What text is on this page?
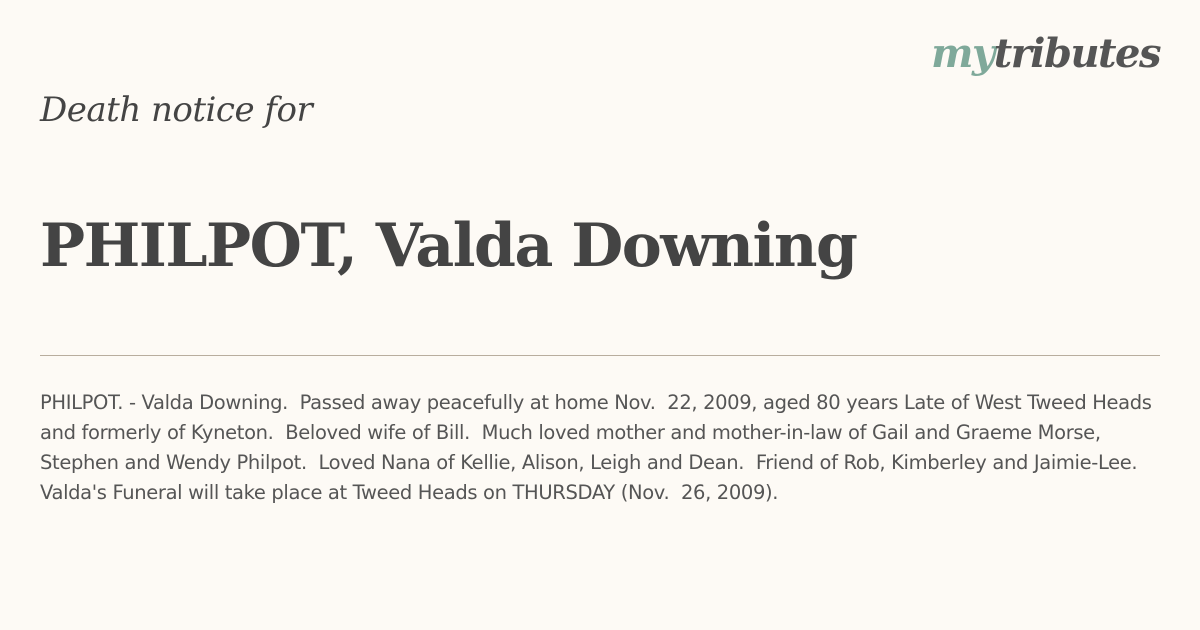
mytributes
Death notice for
PHILPOT, Valda Downing
PHILPOT. - Valda Downing.  Passed away peacefully at home Nov.  22, 2009, aged 80 years Late of West Tweed Heads and formerly of Kyneton.  Beloved wife of Bill.  Much loved mother and mother-in-law of Gail and Graeme Morse, Stephen and Wendy Philpot.  Loved Nana of Kellie, Alison, Leigh and Dean.  Friend of Rob, Kimberley and Jaimie-Lee.  Valda's Funeral will take place at Tweed Heads on THURSDAY (Nov.  26, 2009).
